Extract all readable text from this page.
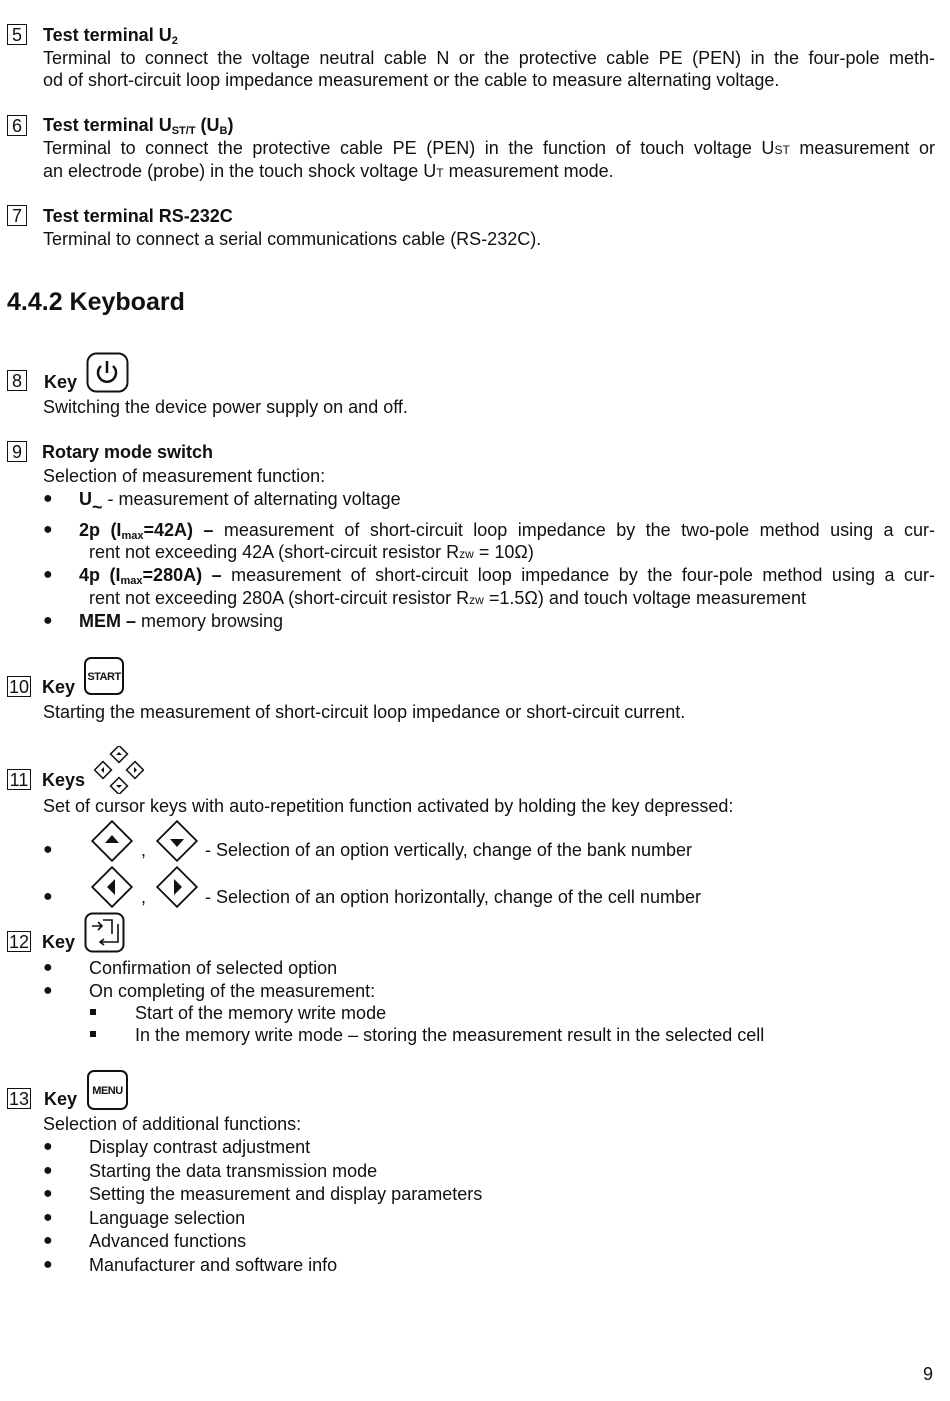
5 Test terminal $U_2$
Terminal to connect the voltage neutral cable N or the protective cable PE (PEN) in the four-pole meth-
od of short-circuit loop impedance measurement or the cable to measure alternating voltage.
6 Test terminal $U_{ST/T}$ $(U_B)$
Terminal to connect the protective cable PE (PEN) in the function of touch voltage UST measurement or
an electrode (probe) in the touch shock voltage UT measurement mode.
7 Test terminal RS-232C
Terminal to connect a serial communications cable (RS-232C).
4.4.2 Keyboard
8 Key
Switching the device power supply on and off.
9 Rotary mode switch
Selection of measurement function:
● $U_\sim$ - measurement of alternating voltage
● 2p $(I_{max}=42A)$ – measurement of short-circuit loop impedance by the two-pole method using a cur-
rent not exceeding 42A (short-circuit resistor Rzw = 10Ω)
● 4p $(I_{max}=280A)$ – measurement of short-circuit loop impedance by the four-pole method using a cur-
rent not exceeding 280A (short-circuit resistor Rzw =1.5Ω) and touch voltage measurement
● MEM – memory browsing
10 Key	START
Starting the measurement of short-circuit loop impedance or short-circuit current.
11 Keys
Set of cursor keys with auto-repetition function activated by holding the key depressed:
●	,	- Selection of an option vertically, change of the bank number
●	,	- Selection of an option horizontally, change of the cell number
12 Key
● Confirmation of selected option
● On completing of the measurement:
Start of the memory write mode
In the memory write mode – storing the measurement result in the selected cell
13 Key	MENU
Selection of additional functions:
● Display contrast adjustment
● Starting the data transmission mode
● Setting the measurement and display parameters
● Language selection
● Advanced functions
● Manufacturer and software info
9
